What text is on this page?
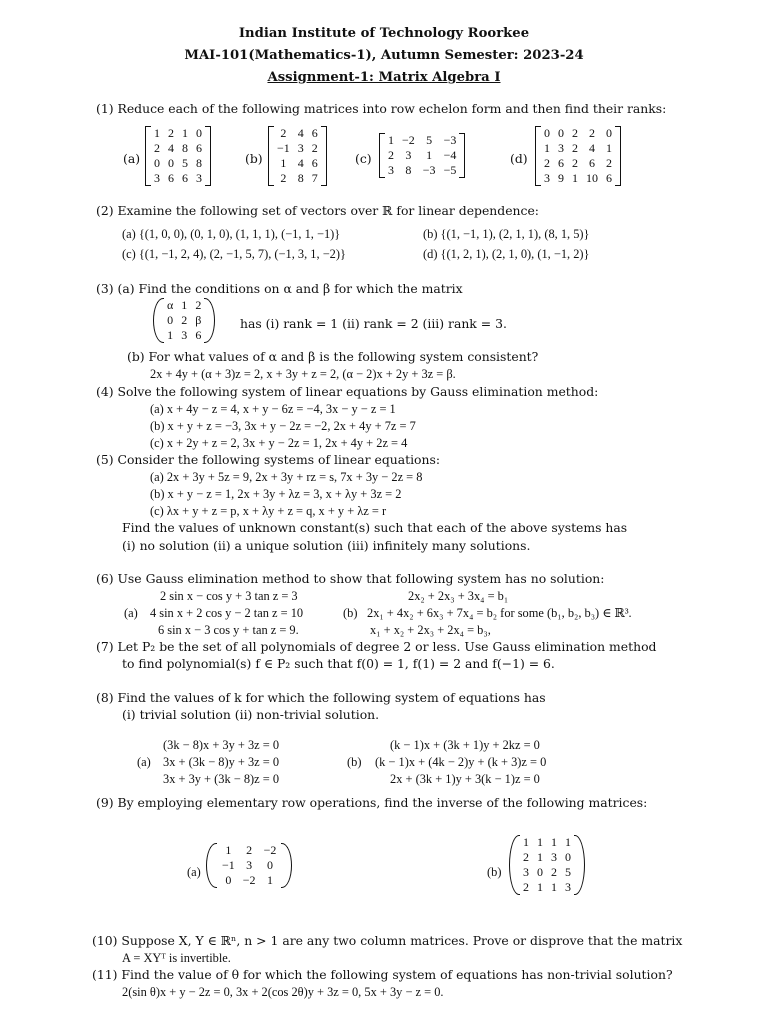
Indian Institute of Technology Roorkee
MAI-101(Mathematics-1), Autumn Semester: 2023-24
Assignment-1: Matrix Algebra I
(1) Reduce each of the following matrices into row echelon form and then find their ranks:
(a)
1	2	1	0
2	4	8	6
0	0	5	8
3	6	6	3
(b)
2	4	6
−1	3	2
1	4	6
2	8	7
(c)
1	−2	5	−3
2	3	1	−4
3	8	−3	−5
(d)
0	0	2	2	0
1	3	2	4	1
2	6	2	6	2
3	9	1	10	6
(2) Examine the following set of vectors over ℝ for linear dependence:
(a) {(1, 0, 0), (0, 1, 0), (1, 1, 1), (−1, 1, −1)}	(b) {(1, −1, 1), (2, 1, 1), (8, 1, 5)}
(c) {(1, −1, 2, 4), (2, −1, 5, 7), (−1, 3, 1, −2)}	(d) {(1, 2, 1), (2, 1, 0), (1, −1, 2)}
(3) (a) Find the conditions on α and β for which the matrix
α	1	2
0	2	β
1	3	6
has (i) rank = 1 (ii) rank = 2 (iii) rank = 3.
(b) For what values of α and β is the following system consistent?
2x + 4y + (α + 3)z = 2, x + 3y + z = 2, (α − 2)x + 2y + 3z = β.
(4) Solve the following system of linear equations by Gauss elimination method:
(a) x + 4y − z = 4, x + y − 6z = −4, 3x − y − z = 1
(b) x + y + z = −3, 3x + y − 2z = −2, 2x + 4y + 7z = 7
(c) x + 2y + z = 2, 3x + y − 2z = 1, 2x + 4y + 2z = 4
(5) Consider the following systems of linear equations:
(a) 2x + 3y + 5z = 9, 2x + 3y + rz = s, 7x + 3y − 2z = 8
(b) x + y − z = 1, 2x + 3y + λz = 3, x + λy + 3z = 2
(c) λx + y + z = p, x + λy + z = q, x + y + λz = r
Find the values of unknown constant(s) such that each of the above systems has
(i) no solution (ii) a unique solution (iii) infinitely many solutions.
(6) Use Gauss elimination method to show that following system has no solution:
2 sin x − cos y + 3 tan z = 3
(a) 4 sin x + 2 cos y − 2 tan z = 10
6 sin x − 3 cos y + tan z = 9.
2x₂ + 2x₃ + 3x₄ = b₁
(b) 2x₁ + 4x₂ + 6x₃ + 7x₄ = b₂ for some (b₁, b₂, b₃) ∈ ℝ³.
x₁ + x₂ + 2x₃ + 2x₄ = b₃,
(7) Let P₂ be the set of all polynomials of degree 2 or less. Use Gauss elimination method
to find polynomial(s) f ∈ P₂ such that f(0) = 1, f(1) = 2 and f(−1) = 6.
(8) Find the values of k for which the following system of equations has
(i) trivial solution (ii) non-trivial solution.
(3k − 8)x + 3y + 3z = 0
(a) 3x + (3k − 8)y + 3z = 0
3x + 3y + (3k − 8)z = 0
(k − 1)x + (3k + 1)y + 2kz = 0
(b) (k − 1)x + (4k − 2)y + (k + 3)z = 0
2x + (3k + 1)y + 3(k − 1)z = 0
(9) By employing elementary row operations, find the inverse of the following matrices:
(a)
1	2	−2
−1	3	0
0	−2	1
(b)
1	1	1	1
2	1	3	0
3	0	2	5
2	1	1	3
(10) Suppose X, Y ∈ ℝⁿ, n > 1 are any two column matrices. Prove or disprove that the matrix
A = XYᵀ is invertible.
(11) Find the value of θ for which the following system of equations has non-trivial solution?
2(sin θ)x + y − 2z = 0, 3x + 2(cos 2θ)y + 3z = 0, 5x + 3y − z = 0.
